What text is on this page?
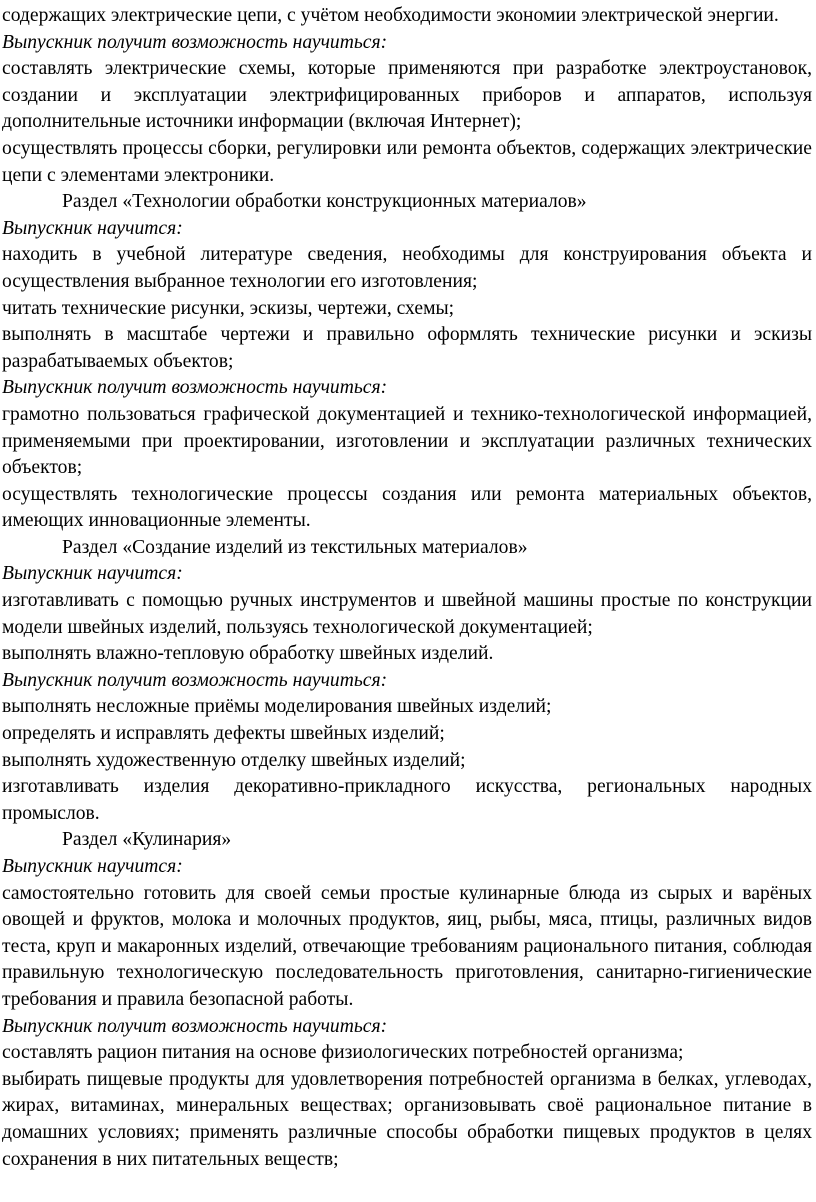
содержащих электрические цепи, с учётом необходимости экономии электрической энергии.

Выпускник получит возможность научиться:

составлять электрические схемы, которые применяются при разработке электроустановок, создании и эксплуатации электрифицированных приборов и аппаратов, используя дополнительные источники информации (включая Интернет);

осуществлять процессы сборки, регулировки или ремонта объектов, содержащих электрические цепи с элементами электроники.

Раздел «Технологии обработки конструкционных материалов»

Выпускник научится:

находить в учебной литературе сведения, необходимы для конструирования объекта и осуществления выбранное технологии его изготовления;

читать технические рисунки, эскизы, чертежи, схемы;

выполнять в масштабе чертежи и правильно оформлять технические рисунки и эскизы разрабатываемых объектов;

Выпускник получит возможность научиться:

грамотно пользоваться графической документацией и технико-технологической информацией, применяемыми при проектировании, изготовлении и эксплуатации различных технических объектов;

осуществлять технологические процессы создания или ремонта материальных объектов, имеющих инновационные элементы.

Раздел «Создание изделий из текстильных материалов»

Выпускник научится:

изготавливать с помощью ручных инструментов и швейной машины простые по конструкции модели швейных изделий, пользуясь технологической документацией;

выполнять влажно-тепловую обработку швейных изделий.

Выпускник получит возможность научиться:

выполнять несложные приёмы моделирования швейных изделий;

определять и исправлять дефекты швейных изделий;

выполнять художественную отделку швейных изделий;

изготавливать изделия декоративно-прикладного искусства, региональных народных промыслов.

Раздел «Кулинария»

Выпускник научится:

самостоятельно готовить для своей семьи простые кулинарные блюда из сырых и варёных овощей и фруктов, молока и молочных продуктов, яиц, рыбы, мяса, птицы, различных видов теста, круп и макаронных изделий, отвечающие требованиям рационального питания, соблюдая правильную технологическую последовательность приготовления, санитарно-гигиенические требования и правила безопасной работы.

Выпускник получит возможность научиться:

составлять рацион питания на основе физиологических потребностей организма;

выбирать пищевые продукты для удовлетворения потребностей организма в белках, углеводах, жирах, витаминах, минеральных веществах; организовывать своё рациональное питание в домашних условиях; применять различные способы обработки пищевых продуктов в целях сохранения в них питательных веществ;
